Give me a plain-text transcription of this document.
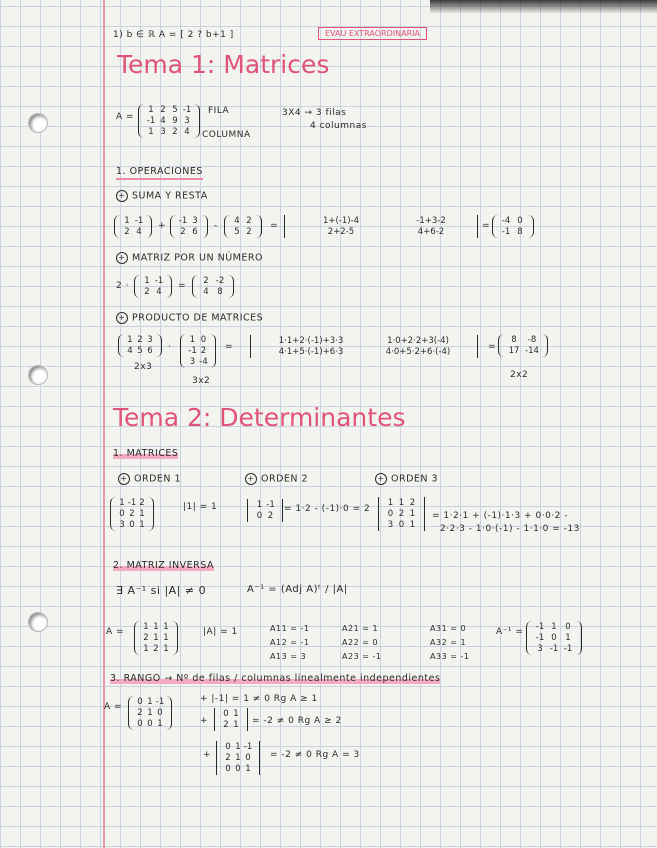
1) b ∈ ℝ A = [ 2 ? b+1 ]	EVAU EXTRAORDINARIA
Tema 1: Matrices
A =
1 2 5 -1
-1 4 9 3
1 3 2 4
FILA
COLUMNA
3X4 → 3 filas
4 columnas
1. OPERACIONES
+ SUMA Y RESTA
1 -1
2 4
+ -1 3
2 6
-	4 2
5 2
=	1+(-1)-4	-1+3-2
2+2-5	4+6-2
=	-4 0
-1 8
+ MATRIZ POR UN NÚMERO
2 ·	1 -1
2 4
=	2 -2
4	8
+ PRODUCTO DE MATRICES
1 2 3
4 5 6 ·
1 0
-1 2
3 -4
=
1·1+2·(-1)+3·3	1·0+2·2+3(-4)
4·1+5·(-1)+6·3	4·0+5·2+6·(-4)	=
8	-8
17 -14
2x3
3x2
2x2
Tema 2: Determinantes
1. MATRICES
+ ORDEN 1	+ ORDEN 2	+ ORDEN 3
1 -1 2
0 2 1
3 0 1
|1| = 1	1 -1
0 2
= 1·2 - (-1)·0 = 2
1 1 2
0 2 1
3 0 1
= 1·2·1 + (-1)·1·3 + 0·0·2 -
2·2·3 - 1·0·(-1) - 1·1·0 = -13
2. MATRIZ INVERSA
∃ A⁻¹ si |A| ≠ 0	A⁻¹ = (Adj A)ᵗ / |A|
A = 1 1 1
2 1 1
1 2 1
|A| = 1	A11 = -1
A12 = -1
A13 = 3
A21 = 1
A22 = 0
A23 = -1
A31 = 0
A32 = 1
A33 = -1
A⁻¹ =	-1 1	0
-1 0	1
3 -1 -1
3. RANGO → Nº de filas / columnas linealmente independientes
A = 0 1 -1
2 1 0
0 0 1
+ |-1| = 1 ≠ 0 Rg A ≥ 1
+
0 1
2 1 = -2 ≠ 0 Rg A ≥ 2
+
0 1 -1
2 1 0
0 0 1
= -2 ≠ 0 Rg A = 3
